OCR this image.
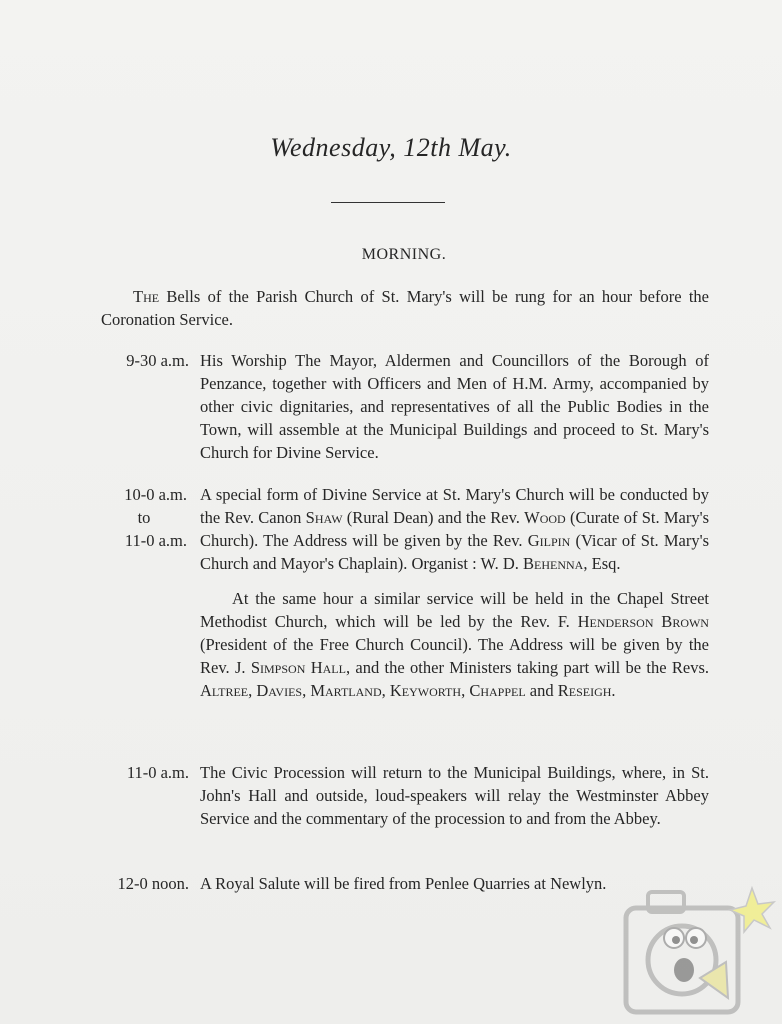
Wednesday, 12th May.
MORNING.

The Bells of the Parish Church of St. Mary's will be rung for an hour before the Coronation Service.

9-30 a.m. His Worship The Mayor, Aldermen and Councillors of the Borough of Penzance, together with Officers and Men of H.M. Army, accompanied by other civic dignitaries, and representatives of all the Public Bodies in the Town, will assemble at the Municipal Buildings and proceed to St. Mary's Church for Divine Service.

10-0 a.m.
to
11-0 a.m.

A special form of Divine Service at St. Mary's Church will be conducted by the Rev. Canon Shaw (Rural Dean) and the Rev. Wood (Curate of St. Mary's Church). The Address will be given by the Rev. Gilpin (Vicar of St. Mary's Church and Mayor's Chaplain). Organist : W. D. Behenna, Esq.

At the same hour a similar service will be held in the Chapel Street Methodist Church, which will be led by the Rev. F. Henderson Brown (President of the Free Church Council). The Address will be given by the Rev. J. Simpson Hall, and the other Ministers taking part will be the Revs. Altree, Davies, Martland, Keyworth, Chappel and Reseigh.

11-0 a.m. The Civic Procession will return to the Municipal Buildings, where, in St. John's Hall and outside, loud-speakers will relay the Westminster Abbey Service and the commentary of the procession to and from the Abbey.

12-0 noon. A Royal Salute will be fired from Penlee Quarries at Newlyn.
